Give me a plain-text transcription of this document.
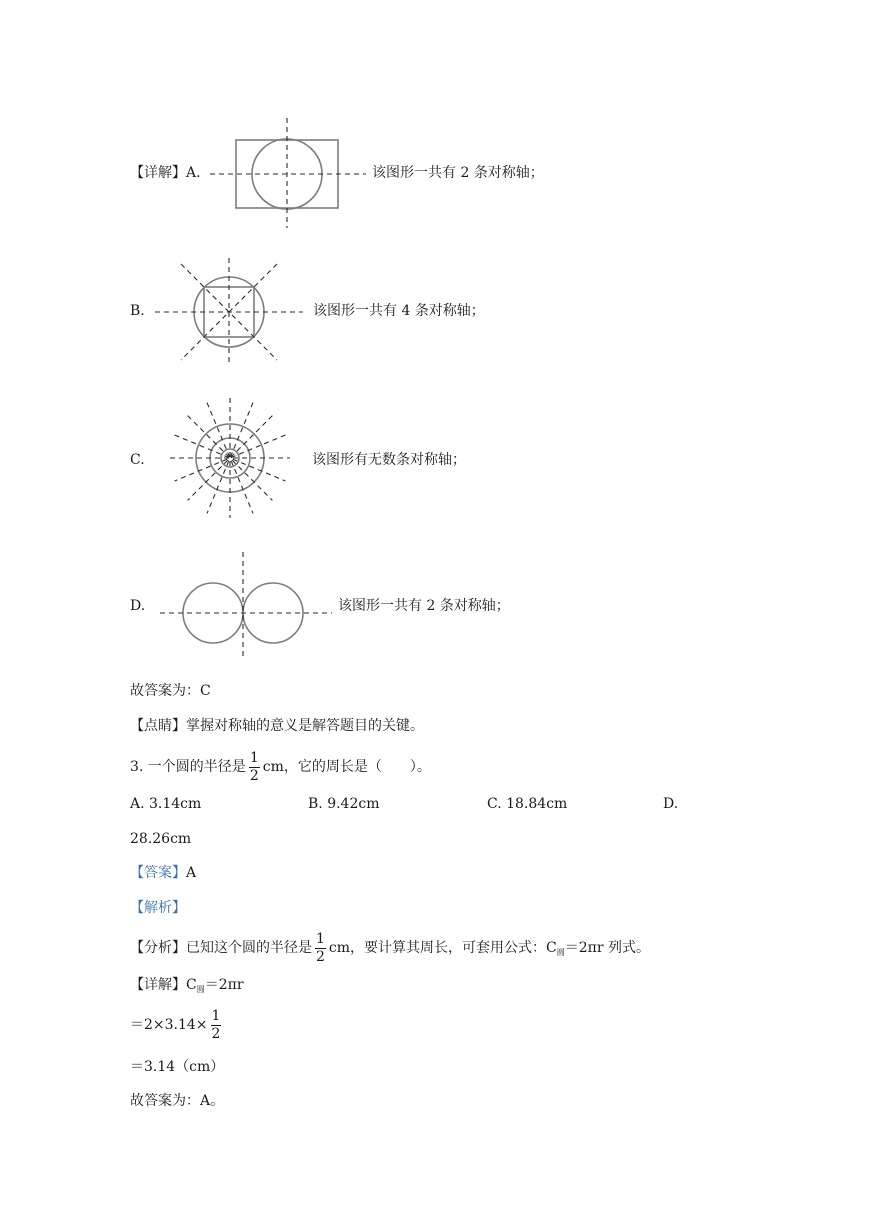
【详解】A.	该图形一共有 2 条对称轴；
B.	该图形一共有 4 条对称轴；
C.	该图形有无数条对称轴；
D.	该图形一共有 2 条对称轴；
故答案为：C
【点睛】掌握对称轴的意义是解答题目的关键。
3. 一个圆的半径是 $\frac{1}{2}$ cm，它的周长是（　　）。
A. 3.14cm	B. 9.42cm	C. 18.84cm	D.
28.26cm
【答案】A
【解析】
【分析】已知这个圆的半径是 $\frac{1}{2}$ cm，要计算其周长，可套用公式：$C_圆=2\pi r$ 列式。
【详解】$C_圆=2\pi r$
$=2\times 3.14\times \frac{1}{2}$
＝3.14（cm）
故答案为：A。
